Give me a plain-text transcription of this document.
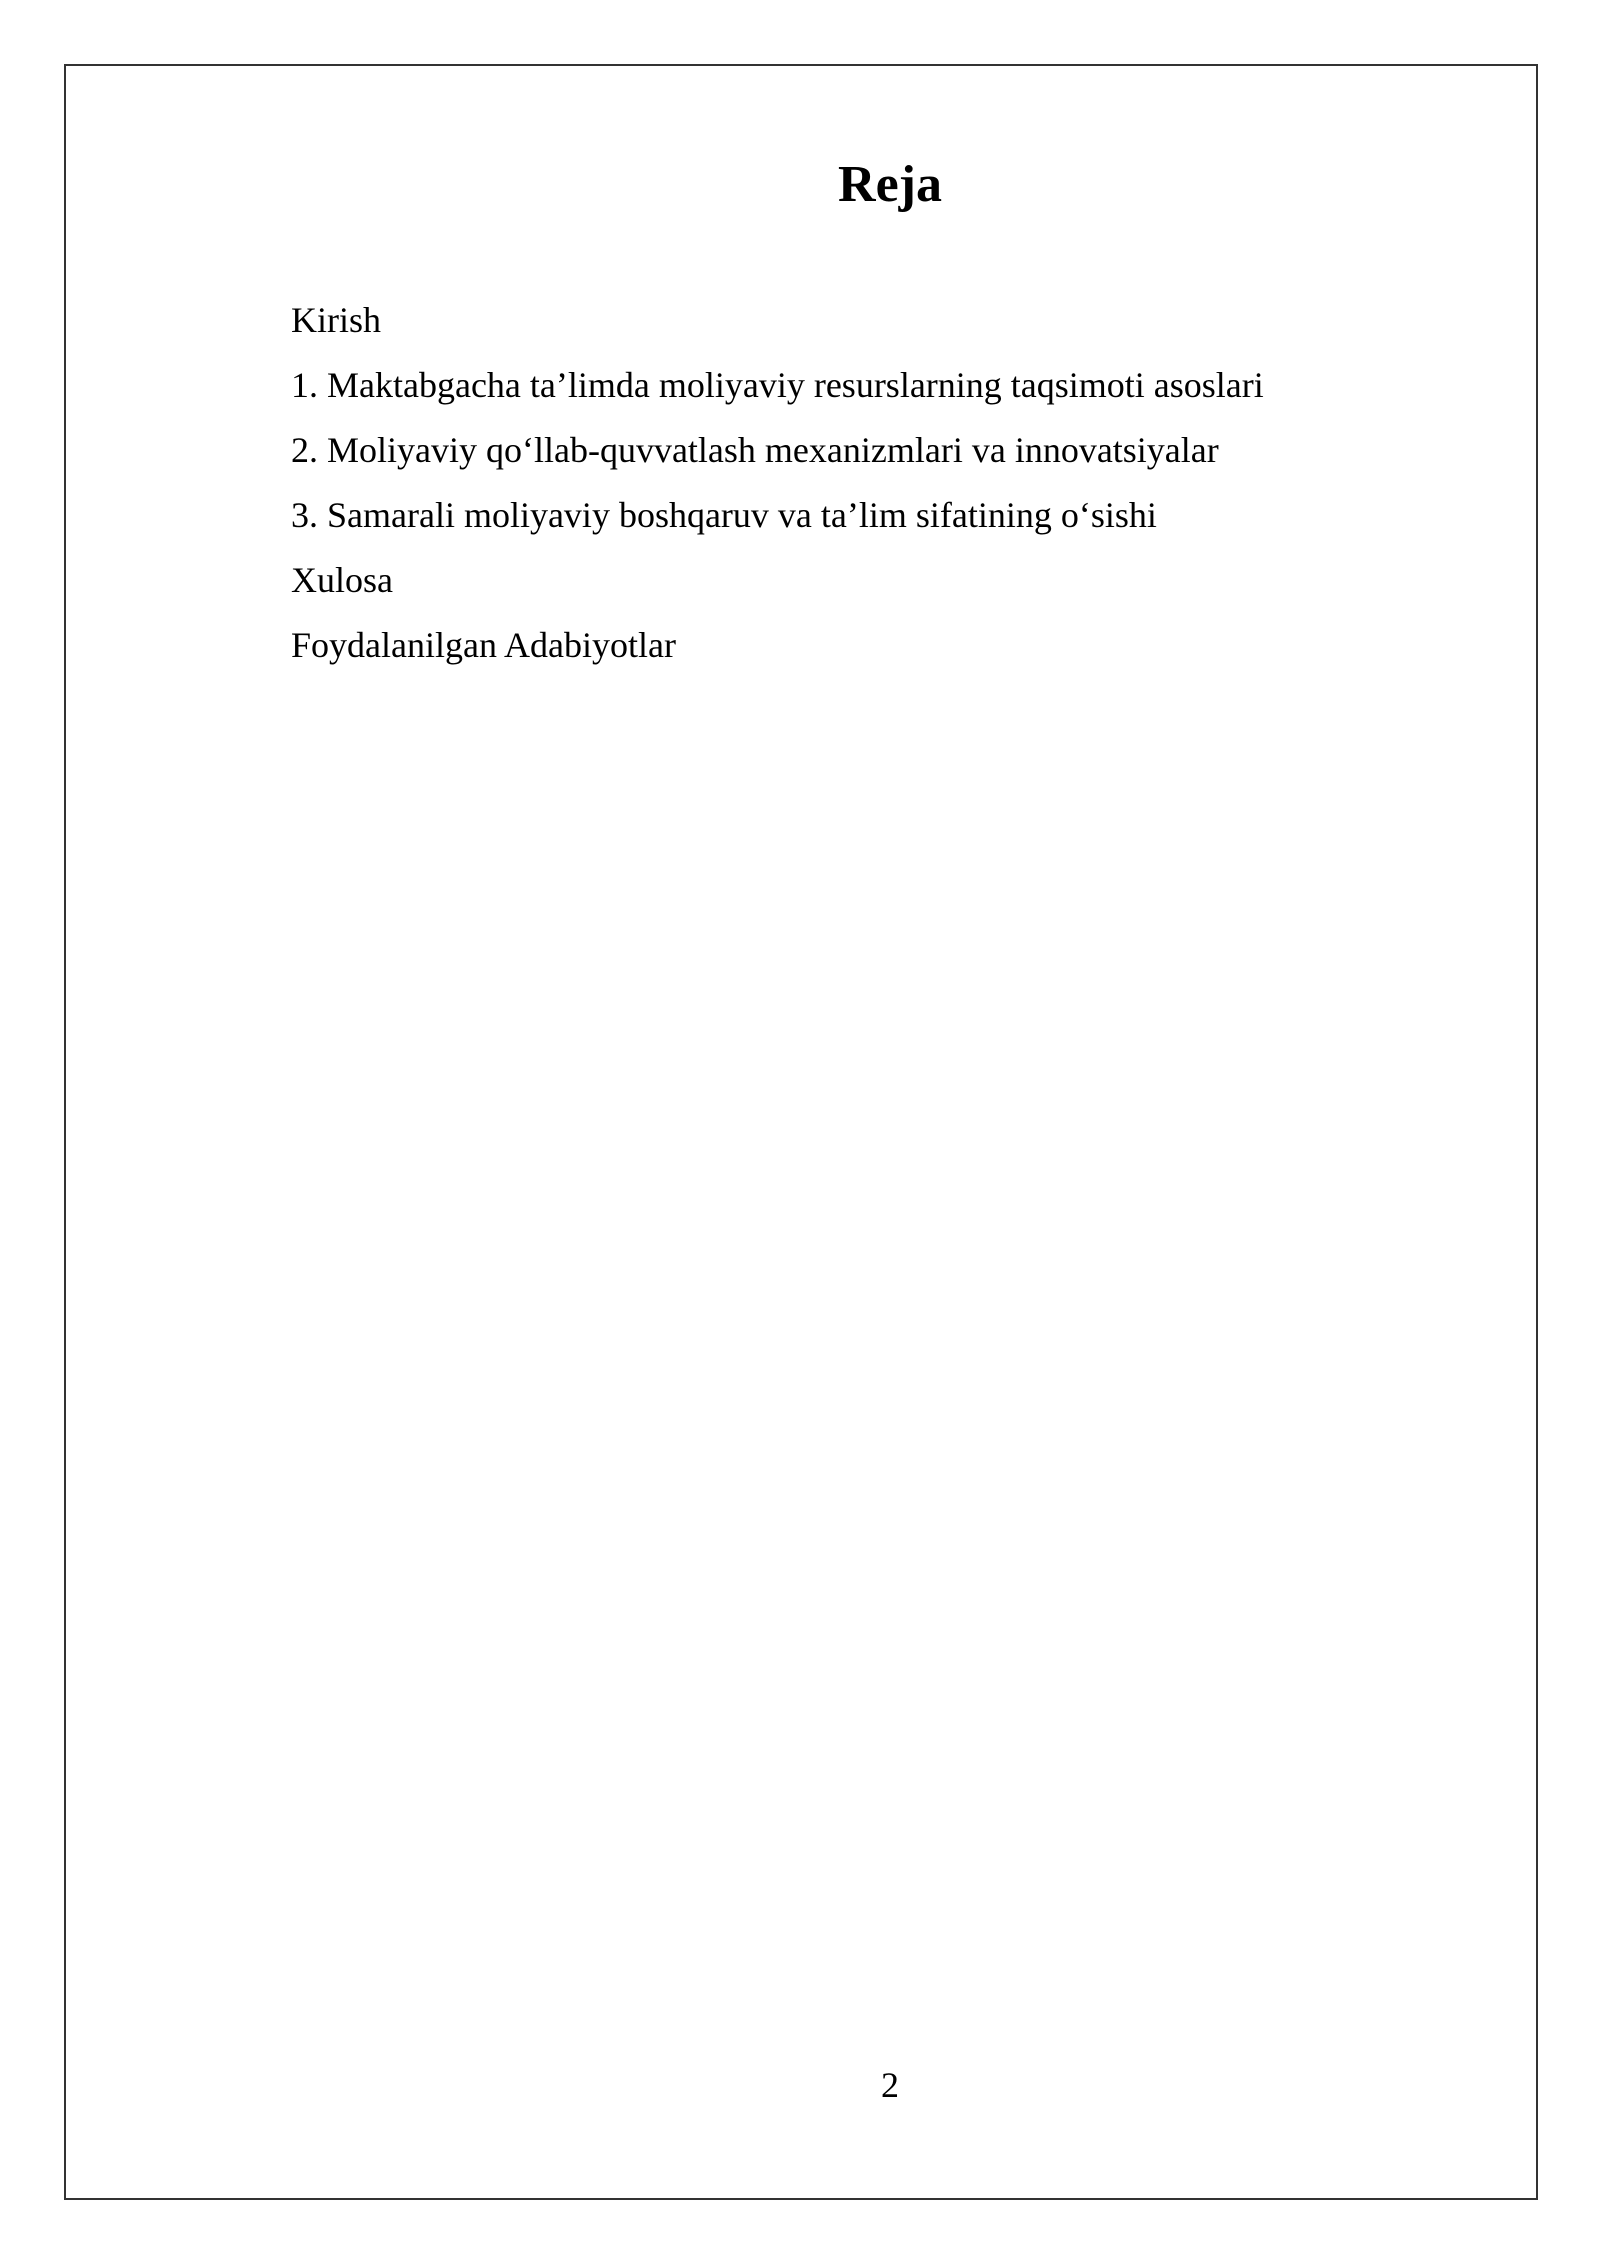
Reja
Kirish
1. Maktabgacha ta’limda moliyaviy resurslarning taqsimoti asoslari
2. Moliyaviy qo‘llab-quvvatlash mexanizmlari va innovatsiyalar
3. Samarali moliyaviy boshqaruv va ta’lim sifatining o‘sishi
Xulosa
Foydalanilgan Adabiyotlar
2
